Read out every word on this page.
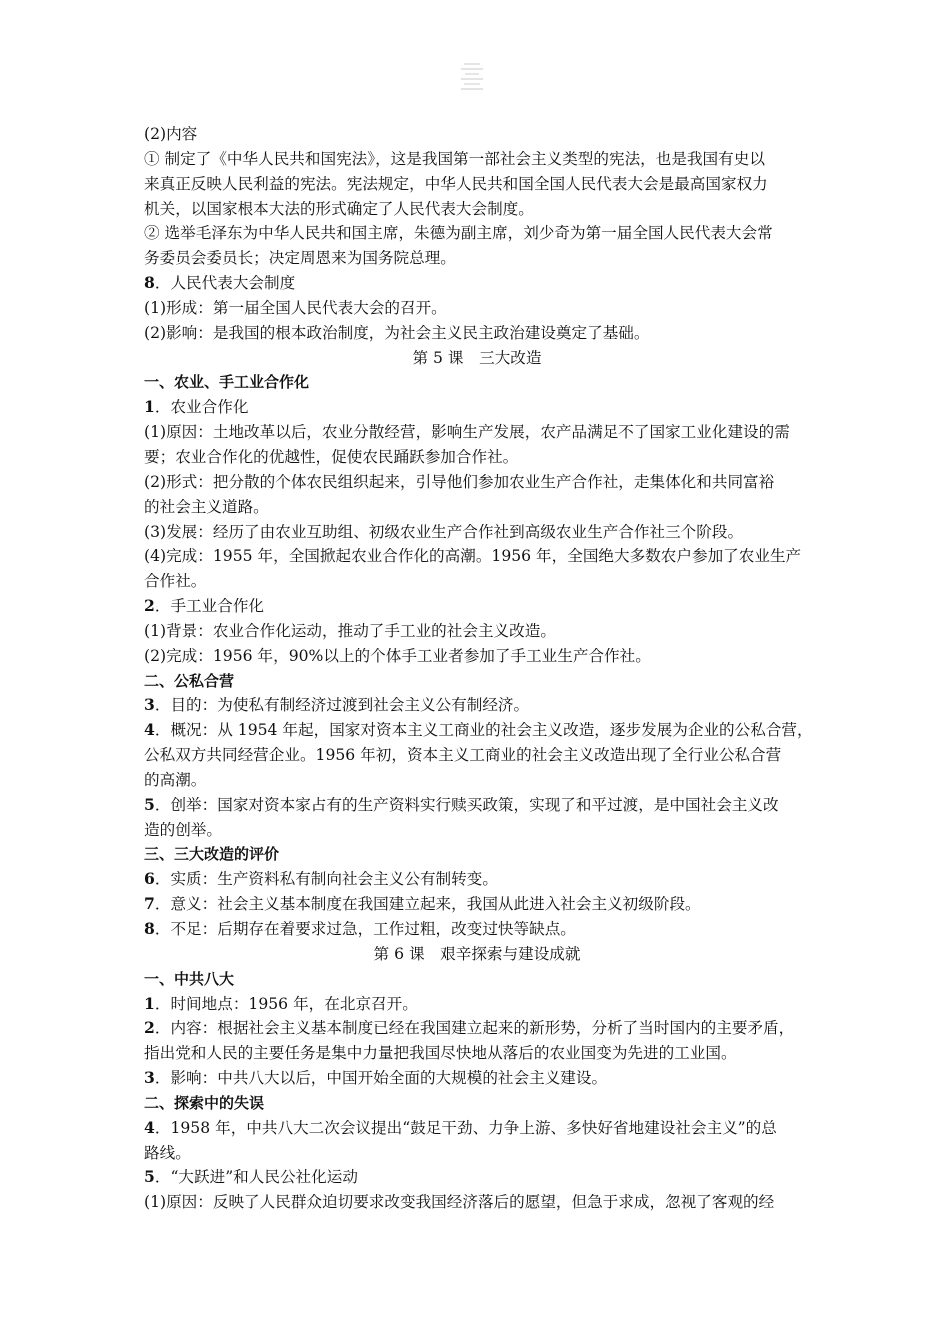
(2)内容
① 制定了《中华人民共和国宪法》，这是我国第一部社会主义类型的宪法，也是我国有史以
来真正反映人民利益的宪法。宪法规定，中华人民共和国全国人民代表大会是最高国家权力
机关，以国家根本大法的形式确定了人民代表大会制度。
② 选举毛泽东为中华人民共和国主席，朱德为副主席，刘少奇为第一届全国人民代表大会常
务委员会委员长；决定周恩来为国务院总理。
8．人民代表大会制度
(1)形成：第一届全国人民代表大会的召开。
(2)影响：是我国的根本政治制度，为社会主义民主政治建设奠定了基础。
第 5 课　三大改造
一、农业、手工业合作化
1．农业合作化
(1)原因：土地改革以后，农业分散经营，影响生产发展，农产品满足不了国家工业化建设的需
要；农业合作化的优越性，促使农民踊跃参加合作社。
(2)形式：把分散的个体农民组织起来，引导他们参加农业生产合作社，走集体化和共同富裕
的社会主义道路。
(3)发展：经历了由农业互助组、初级农业生产合作社到高级农业生产合作社三个阶段。
(4)完成：1955 年，全国掀起农业合作化的高潮。1956 年，全国绝大多数农户参加了农业生产
合作社。
2．手工业合作化
(1)背景：农业合作化运动，推动了手工业的社会主义改造。
(2)完成：1956 年，90%以上的个体手工业者参加了手工业生产合作社。
二、公私合营
3．目的：为使私有制经济过渡到社会主义公有制经济。
4．概况：从 1954 年起，国家对资本主义工商业的社会主义改造，逐步发展为企业的公私合营，
公私双方共同经营企业。1956 年初，资本主义工商业的社会主义改造出现了全行业公私合营
的高潮。
5．创举：国家对资本家占有的生产资料实行赎买政策，实现了和平过渡，是中国社会主义改
造的创举。
三、三大改造的评价
6．实质：生产资料私有制向社会主义公有制转变。
7．意义：社会主义基本制度在我国建立起来，我国从此进入社会主义初级阶段。
8．不足：后期存在着要求过急，工作过粗，改变过快等缺点。
第 6 课　艰辛探索与建设成就
一、中共八大
1．时间地点：1956 年，在北京召开。
2．内容：根据社会主义基本制度已经在我国建立起来的新形势，分析了当时国内的主要矛盾，
指出党和人民的主要任务是集中力量把我国尽快地从落后的农业国变为先进的工业国。
3．影响：中共八大以后，中国开始全面的大规模的社会主义建设。
二、探索中的失误
4．1958 年，中共八大二次会议提出“鼓足干劲、力争上游、多快好省地建设社会主义”的总
路线。
5．“大跃进”和人民公社化运动
(1)原因：反映了人民群众迫切要求改变我国经济落后的愿望，但急于求成，忽视了客观的经
